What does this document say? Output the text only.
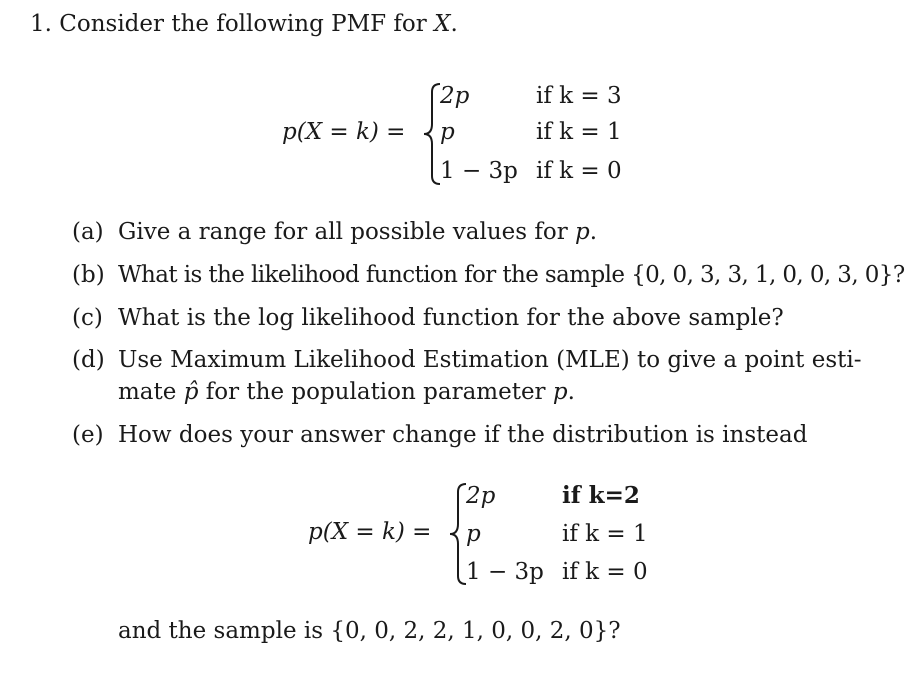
1. Consider the following PMF for X.
p(X = k) =
2p	if k = 3
p	if k = 1
1 − 3p if k = 0
(a) Give a range for all possible values for p.
(b) What is the likelihood function for the sample {0, 0, 3, 3, 1, 0, 0, 3, 0}?
(c) What is the log likelihood function for the above sample?
(d) Use Maximum Likelihood Estimation (MLE) to give a point esti-
mate p̂ for the population parameter p.
(e) How does your answer change if the distribution is instead
p(X = k) =
2p	if k=2
p	if k = 1
1 − 3p if k = 0
and the sample is {0, 0, 2, 2, 1, 0, 0, 2, 0}?
